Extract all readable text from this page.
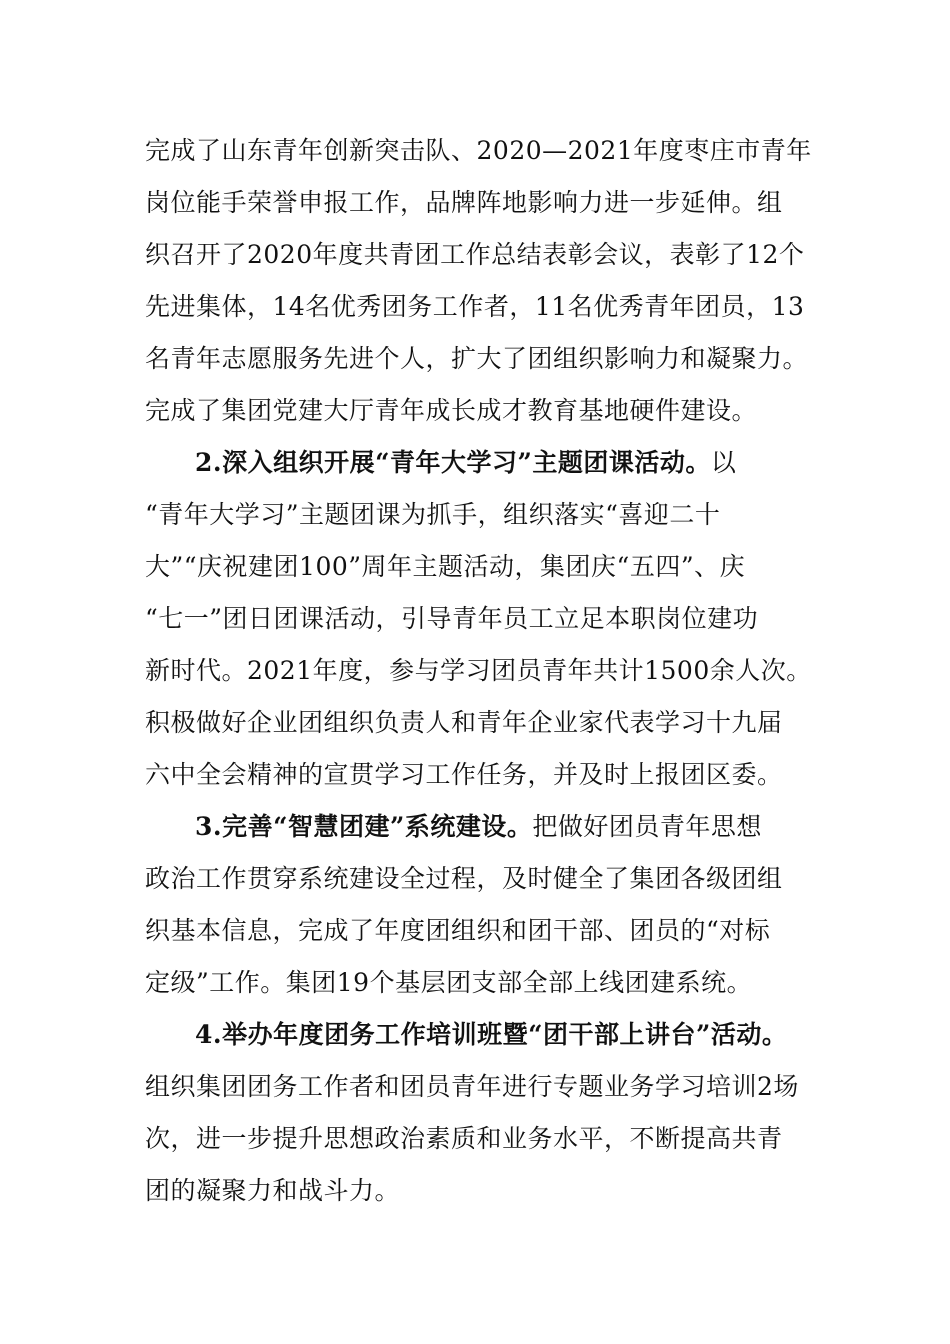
完成了山东青年创新突击队、2020—2021年度枣庄市青年
岗位能手荣誉申报工作，品牌阵地影响力进一步延伸。组
织召开了2020年度共青团工作总结表彰会议，表彰了12个
先进集体，14名优秀团务工作者，11名优秀青年团员，13
名青年志愿服务先进个人，扩大了团组织影响力和凝聚力。
完成了集团党建大厅青年成长成才教育基地硬件建设。
2.深入组织开展“青年大学习”主题团课活动。以
“青年大学习”主题团课为抓手，组织落实“喜迎二十
大”“庆祝建团100”周年主题活动，集团庆“五四”、庆
“七一”团日团课活动，引导青年员工立足本职岗位建功
新时代。2021年度，参与学习团员青年共计1500余人次。
积极做好企业团组织负责人和青年企业家代表学习十九届
六中全会精神的宣贯学习工作任务，并及时上报团区委。
3.完善“智慧团建”系统建设。把做好团员青年思想
政治工作贯穿系统建设全过程，及时健全了集团各级团组
织基本信息，完成了年度团组织和团干部、团员的“对标
定级”工作。集团19个基层团支部全部上线团建系统。
4.举办年度团务工作培训班暨“团干部上讲台”活动。
组织集团团务工作者和团员青年进行专题业务学习培训2场
次，进一步提升思想政治素质和业务水平，不断提高共青
团的凝聚力和战斗力。
